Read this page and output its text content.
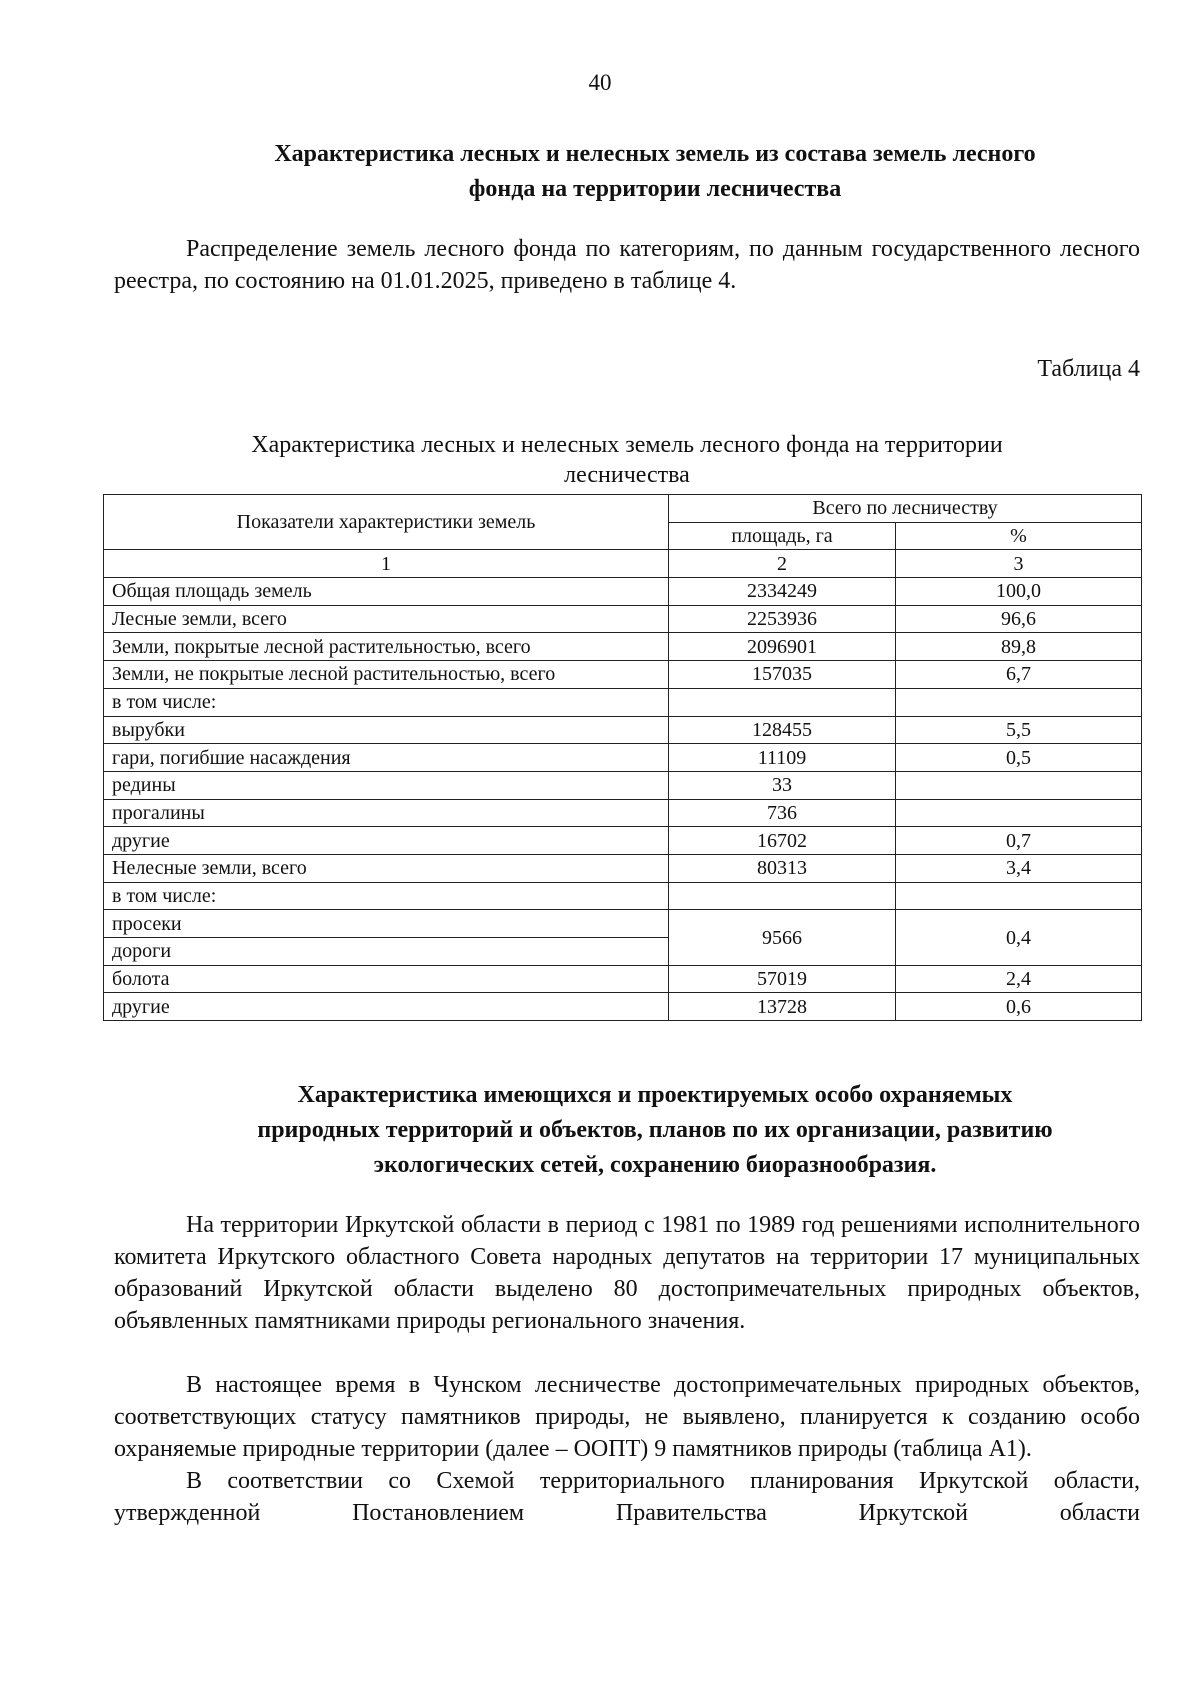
40
Характеристика лесных и нелесных земель из состава земель лесного
фонда на территории лесничества

Распределение земель лесного фонда по категориям, по данным государственного лесного реестра, по состоянию на 01.01.2025, приведено в таблице 4.

Таблица 4
Характеристика лесных и нелесных земель лесного фонда на территории
лесничества
Показатели характеристики земель	Всего по лесничеству	
	площадь, га	%
1	2	3
Общая площадь земель	2334249	100,0
Лесные земли, всего	2253936	96,6
Земли, покрытые лесной растительностью, всего	2096901	89,8
Земли, не покрытые лесной растительностью, всего	157035	6,7
в том числе:		
вырубки	128455	5,5
гари, погибшие насаждения	11109	0,5
редины	33	
прогалины	736	
другие	16702	0,7
Нелесные земли, всего	80313	3,4
в том числе:		
просеки	9566	0,4
дороги		
болота	57019	2,4
другие	13728	0,6
Характеристика имеющихся и проектируемых особо охраняемых
природных территорий и объектов, планов по их организации, развитию
экологических сетей, сохранению биоразнообразия.

На территории Иркутской области в период с 1981 по 1989 год решениями исполнительного комитета Иркутского областного Совета народных депутатов на территории 17 муниципальных образований Иркутской области выделено 80 достопримечательных природных объектов, объявленных памятниками природы регионального значения.

В настоящее время в Чунском лесничестве достопримечательных природных объектов, соответствующих статусу памятников природы, не выявлено, планируется к созданию особо охраняемые природные территории (далее – ООПТ) 9 памятников природы (таблица А1).

В соответствии со Схемой территориального планирования Иркутской области, утвержденной Постановлением Правительства Иркутской области
